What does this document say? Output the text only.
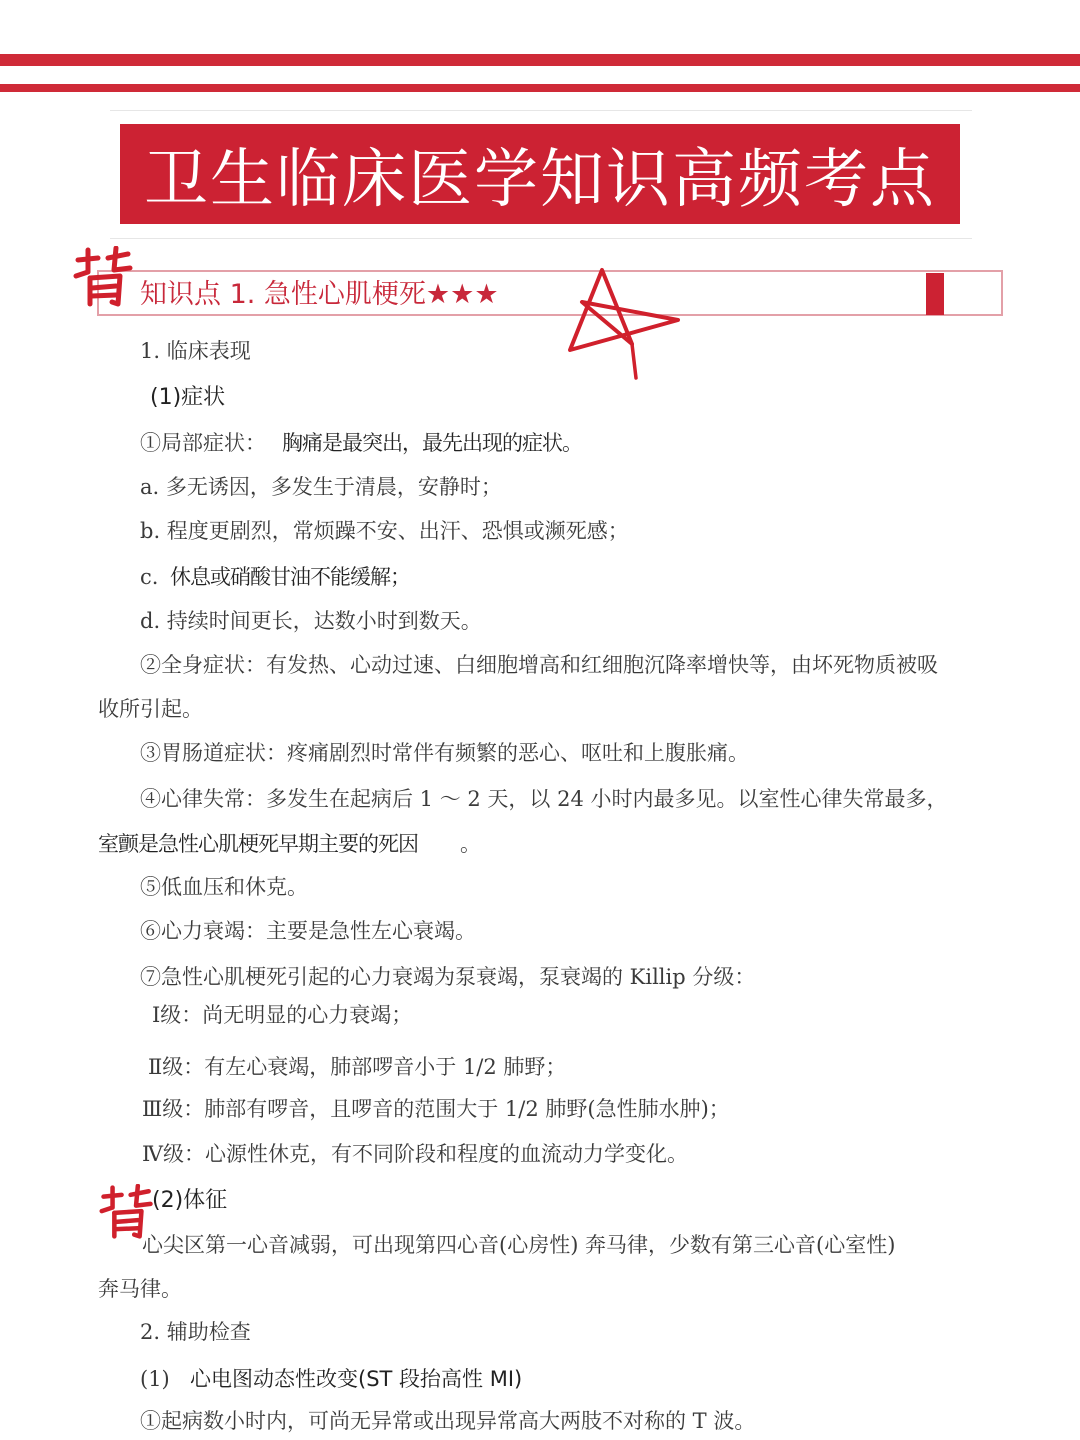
卫生临床医学知识高频考点
知识点 1. 急性心肌梗死★★★
1. 临床表现
(1)症状
①局部症状： 胸痛是最突出，最先出现的症状。
a. 多无诱因，多发生于清晨，安静时；
b. 程度更剧烈，常烦躁不安、出汗、恐惧或濒死感；
c. 休息或硝酸甘油不能缓解；
d. 持续时间更长，达数小时到数天。
②全身症状：有发热、心动过速、白细胞增高和红细胞沉降率增快等，由坏死物质被吸
收所引起。
③胃肠道症状：疼痛剧烈时常伴有频繁的恶心、呕吐和上腹胀痛。
④心律失常：多发生在起病后 1 ～ 2 天，以 24 小时内最多见。以室性心律失常最多，
室颤是急性心肌梗死早期主要的死因 。
⑤低血压和休克。
⑥心力衰竭：主要是急性左心衰竭。
⑦急性心肌梗死引起的心力衰竭为泵衰竭，泵衰竭的 Killip 分级：
Ⅰ级：尚无明显的心力衰竭；
Ⅱ级：有左心衰竭，肺部啰音小于 1/2 肺野；
Ⅲ级：肺部有啰音，且啰音的范围大于 1/2 肺野(急性肺水肿)；
Ⅳ级：心源性休克，有不同阶段和程度的血流动力学变化。
(2)体征
心尖区第一心音减弱，可出现第四心音(心房性) 奔马律，少数有第三心音(心室性)
奔马律。
2. 辅助检查
(1) 心电图动态性改变(ST 段抬高性 MI)
①起病数小时内，可尚无异常或出现异常高大两肢不对称的 T 波。
